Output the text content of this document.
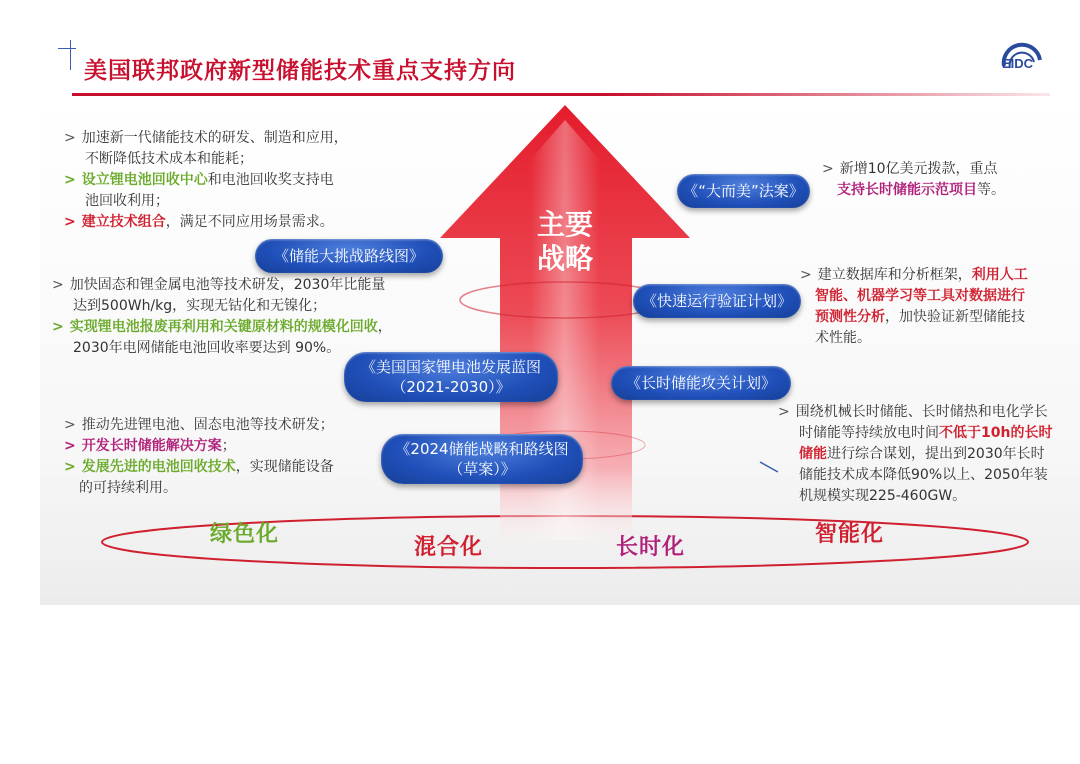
美国联邦政府新型储能技术重点支持方向	EIDC
主要
战略
《储能大挑战路线图》
《美国国家锂电池发展蓝图
（2021-2030）》
《2024储能战略和路线图
（草案）》
《“大而美”法案》
《快速运行验证计划》
《长时储能攻关计划》
> 加速新一代储能技术的研发、制造和应用，
不断降低技术成本和能耗；
> 设立锂电池回收中心和电池回收奖支持电
池回收利用；
> 建立技术组合，满足不同应用场景需求。
> 加快固态和锂金属电池等技术研发，2030年比能量
达到500Wh/kg，实现无钴化和无镍化；
> 实现锂电池报废再利用和关键原材料的规模化回收，
2030年电网储能电池回收率要达到 90%。
> 推动先进锂电池、固态电池等技术研发；
> 开发长时储能解决方案；
> 发展先进的电池回收技术，实现储能设备
的可持续利用。
> 新增10亿美元拨款，重点
支持长时储能示范项目等。
> 建立数据库和分析框架，利用人工
智能、机器学习等工具对数据进行
预测性分析，加快验证新型储能技
术性能。
> 围绕机械长时储能、长时储热和电化学长
时储能等持续放电时间不低于10h的长时
储能进行综合谋划，提出到2030年长时
储能技术成本降低90%以上、2050年装
机规模实现225-460GW。
绿色化
混合化	长时化
智能化
